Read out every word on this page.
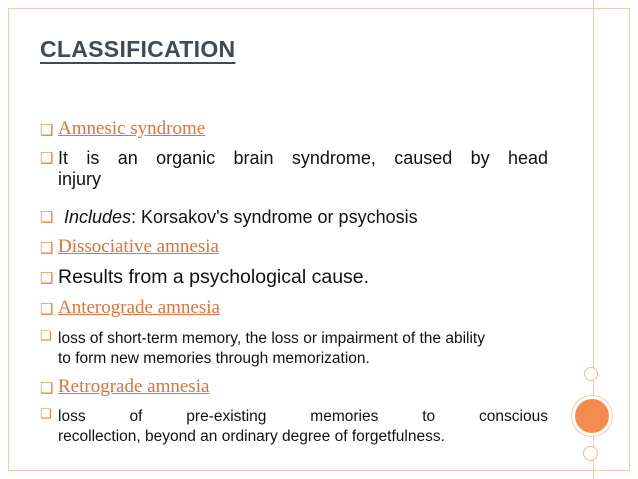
CLASSIFICATION
❑ Amnesic syndrome
❑ It is an organic brain syndrome, caused by head
injury
❑ Includes: Korsakov's syndrome or psychosis
❑ Dissociative amnesia
❑ Results from a psychological cause.
❑ Anterograde amnesia
❑ loss of short-term memory, the loss or impairment of the ability
to form new memories through memorization.
❑ Retrograde amnesia
❑ loss of pre-existing memories to conscious
recollection, beyond an ordinary degree of forgetfulness.
